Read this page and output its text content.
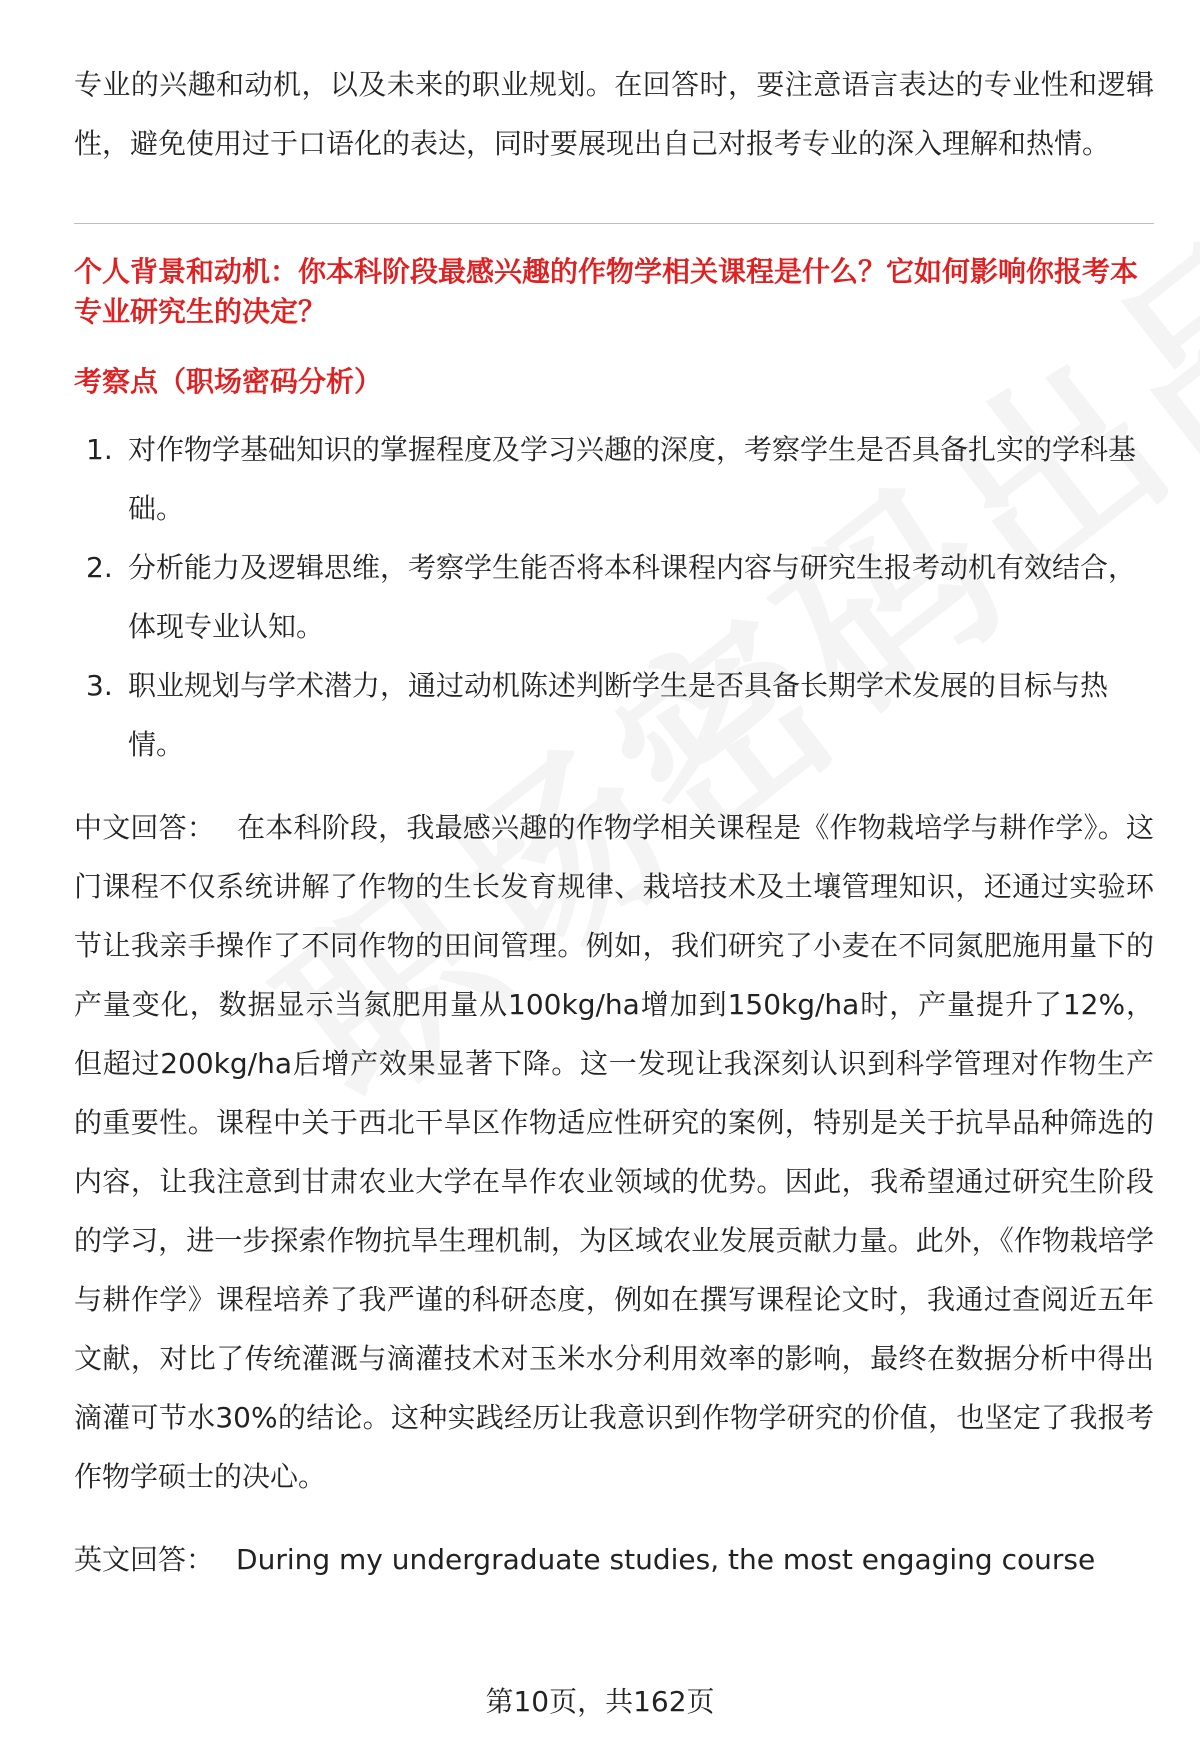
专业的兴趣和动机，以及未来的职业规划。在回答时，要注意语言表达的专业性和逻辑性，避免使用过于口语化的表达，同时要展现出自己对报考专业的深入理解和热情。

个人背景和动机：你本科阶段最感兴趣的作物学相关课程是什么？它如何影响你报考本专业研究生的决定？

考察点（职场密码分析）

1. 对作物学基础知识的掌握程度及学习兴趣的深度，考察学生是否具备扎实的学科基础。
2. 分析能力及逻辑思维，考察学生能否将本科课程内容与研究生报考动机有效结合，体现专业认知。
3. 职业规划与学术潜力，通过动机陈述判断学生是否具备长期学术发展的目标与热情。

中文回答： 在本科阶段，我最感兴趣的作物学相关课程是《作物栽培学与耕作学》。这门课程不仅系统讲解了作物的生长发育规律、栽培技术及土壤管理知识，还通过实验环节让我亲手操作了不同作物的田间管理。例如，我们研究了小麦在不同氮肥施用量下的产量变化，数据显示当氮肥用量从100kg/ha增加到150kg/ha时，产量提升了12%，但超过200kg/ha后增产效果显著下降。这一发现让我深刻认识到科学管理对作物生产的重要性。课程中关于西北干旱区作物适应性研究的案例，特别是关于抗旱品种筛选的内容，让我注意到甘肃农业大学在旱作农业领域的优势。因此，我希望通过研究生阶段的学习，进一步探索作物抗旱生理机制，为区域农业发展贡献力量。此外，《作物栽培学与耕作学》课程培养了我严谨的科研态度，例如在撰写课程论文时，我通过查阅近五年文献，对比了传统灌溉与滴灌技术对玉米水分利用效率的影响，最终在数据分析中得出滴灌可节水30%的结论。这种实践经历让我意识到作物学研究的价值，也坚定了我报考作物学硕士的决心。

英文回答： During my undergraduate studies, the most engaging course

第10页，共162页
